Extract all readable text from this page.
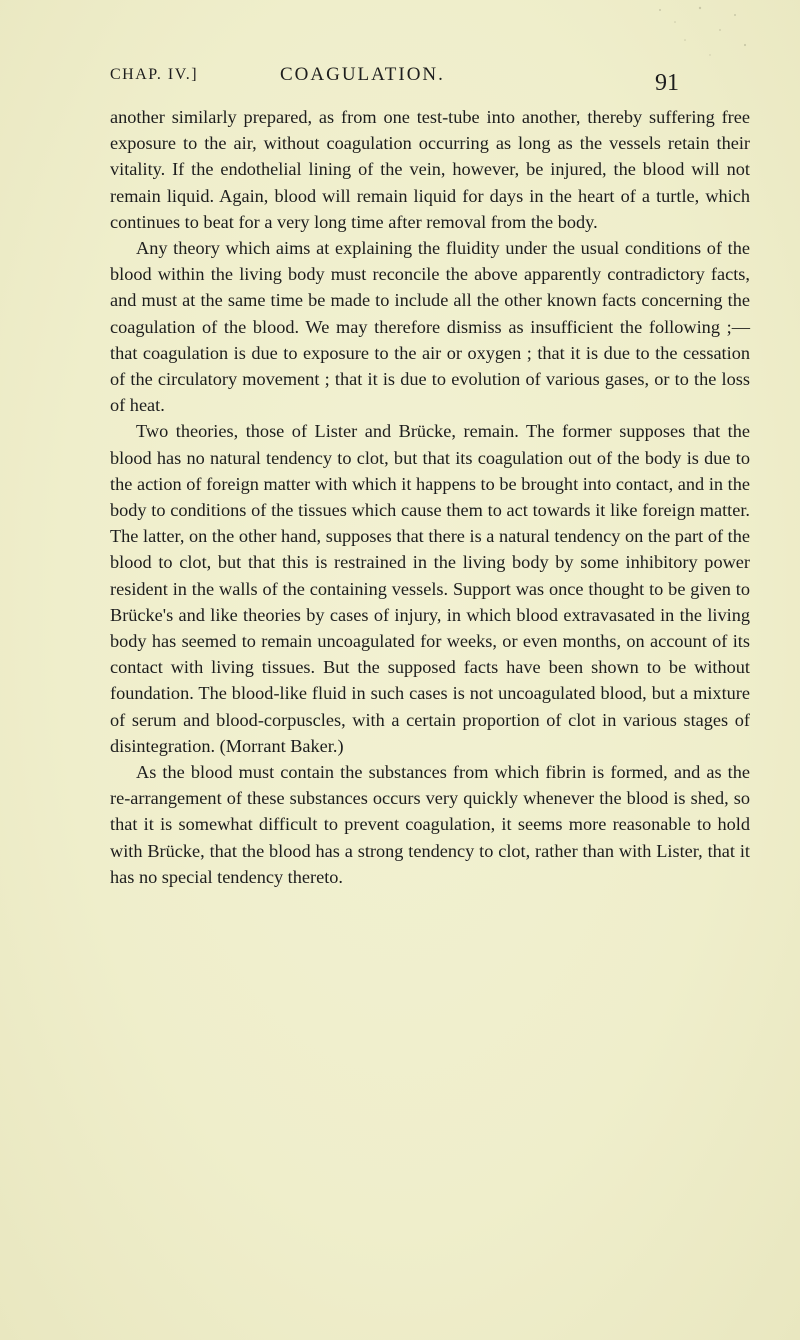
CHAP. IV.]	COAGULATION.	91

another similarly prepared, as from one test-tube into another, thereby suffering free exposure to the air, without coagulation occurring as long as the vessels retain their vitality. If the endothelial lining of the vein, however, be injured, the blood will not remain liquid. Again, blood will remain liquid for days in the heart of a turtle, which continues to beat for a very long time after removal from the body.

Any theory which aims at explaining the fluidity under the usual conditions of the blood within the living body must reconcile the above apparently contradictory facts, and must at the same time be made to include all the other known facts concerning the coagulation of the blood. We may therefore dismiss as insufficient the following ;—that coagulation is due to exposure to the air or oxygen ; that it is due to the cessation of the circulatory movement ; that it is due to evolution of various gases, or to the loss of heat.

Two theories, those of Lister and Brücke, remain. The former supposes that the blood has no natural tendency to clot, but that its coagulation out of the body is due to the action of foreign matter with which it happens to be brought into contact, and in the body to conditions of the tissues which cause them to act towards it like foreign matter. The latter, on the other hand, supposes that there is a natural tendency on the part of the blood to clot, but that this is restrained in the living body by some inhibitory power resident in the walls of the containing vessels. Support was once thought to be given to Brücke's and like theories by cases of injury, in which blood extravasated in the living body has seemed to remain uncoagulated for weeks, or even months, on account of its contact with living tissues. But the supposed facts have been shown to be without foundation. The blood-like fluid in such cases is not uncoagulated blood, but a mixture of serum and blood-corpuscles, with a certain proportion of clot in various stages of disintegration. (Morrant Baker.)

As the blood must contain the substances from which fibrin is formed, and as the re-arrangement of these substances occurs very quickly whenever the blood is shed, so that it is somewhat difficult to prevent coagulation, it seems more reasonable to hold with Brücke, that the blood has a strong tendency to clot, rather than with Lister, that it has no special tendency thereto.
